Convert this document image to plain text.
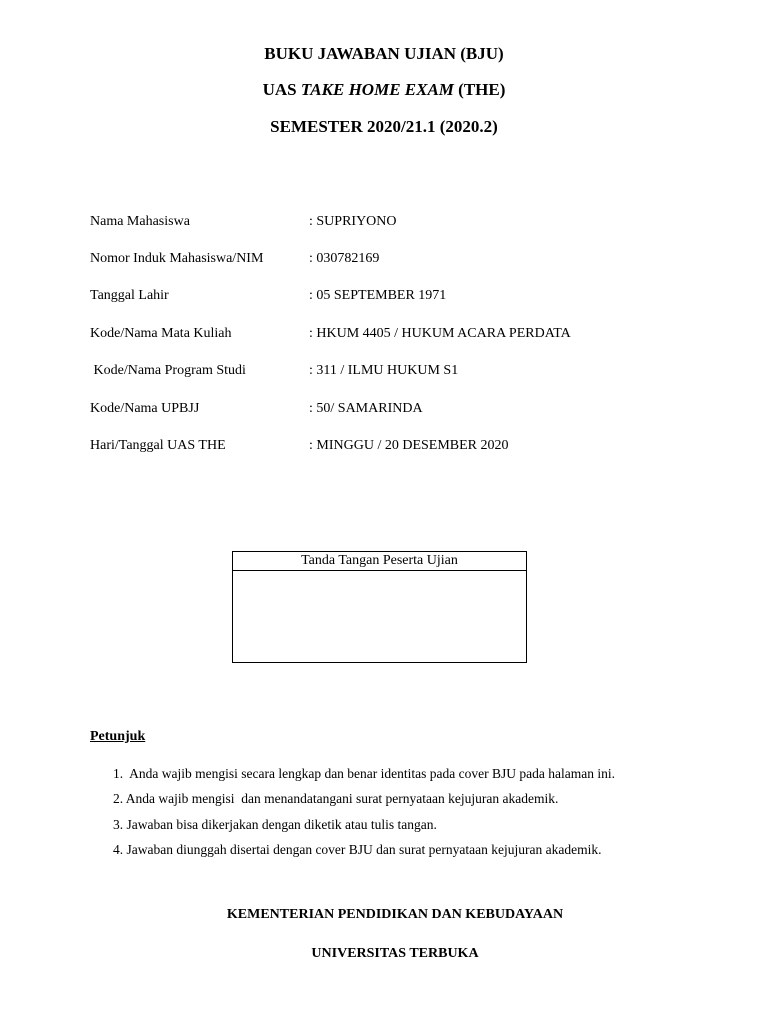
BUKU JAWABAN UJIAN (BJU)
UAS TAKE HOME EXAM (THE)
SEMESTER 2020/21.1 (2020.2)
Nama Mahasiswa	: SUPRIYONO
Nomor Induk Mahasiswa/NIM	: 030782169
Tanggal Lahir	: 05 SEPTEMBER 1971
Kode/Nama Mata Kuliah	: HKUM 4405 / HUKUM ACARA PERDATA
Kode/Nama Program Studi	: 311 / ILMU HUKUM S1
Kode/Nama UPBJJ	: 50/ SAMARINDA
Hari/Tanggal UAS THE	: MINGGU / 20 DESEMBER 2020
Tanda Tangan Peserta Ujian
Petunjuk
1.  Anda wajib mengisi secara lengkap dan benar identitas pada cover BJU pada halaman ini.
2. Anda wajib mengisi  dan menandatangani surat pernyataan kejujuran akademik.
3. Jawaban bisa dikerjakan dengan diketik atau tulis tangan.
4. Jawaban diunggah disertai dengan cover BJU dan surat pernyataan kejujuran akademik.
KEMENTERIAN PENDIDIKAN DAN KEBUDAYAAN
UNIVERSITAS TERBUKA
